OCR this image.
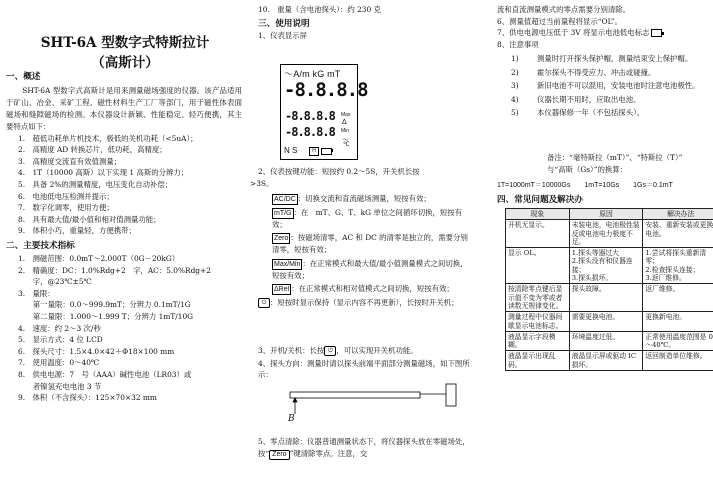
SHT-6A 型数字式特斯拉计

（高斯计）

一、概述

SHT-6A 型数字式高斯计是用来测量磁场强度的仪器。该产品适用于矿山、冶金、采矿工程、磁性材料生产工厂等部门，用于磁性体表面磁场和缝隙磁场的检测。本仪器设计新颖、性能稳定、轻巧便携，其主要特点如下：

1.　超低功耗单片机技术，极低的关机功耗（<5uA）；

2.　高精度 AD 转换芯片，低功耗，高精度；

3.　高精度交流直有效值测量；

4.　1T（10000 高斯）以下实现 1 高斯的分辨力；

5.　具备 2%的测量精度，电压变化自动补偿；

6.　电池低电压检测并提示；

7.　数字化调零，使用方便；

8.　具有最大值/最小值和相对值测量功能；

9.　体积小巧，重量轻，方便携带；

二、主要技术指标

1.　测磁范围：0.0mT～2.000T（0G－20kG）

2.　精确度：DC：1.0%Rdg+2　字，AC：5.0%Rdg+2

　　字，@23℃±5℃

3.　量限：

　　第一量限：0.0～999.9mT；分辨力 0.1mT/1G

　　第二量限：1.000～1.999 T；分辨力 1mT/10G

4.　速度：约 2～3 次/秒

5.　显示方式：4 位 LCD

6.　探头尺寸：1.5×4.0×42＋Φ18×100 mm

7.　使用温度：0～40℃

8.　供电电源：7　号（AAA）碱性电池（LR03）或

　　者镍氢充电电池 3 节

9.　体积（不含探头）：125×70×32 mm

10.　重量（含电池探头）：约 230 克

三、使用说明

1、仪表显示屏

～A/m kG mT
-8.8.8.8
-8.8.8.8 Max
Δ
-8.8.8.8 Min
～
℃
N S	H

2、仪表按键功能：短按约 0.2～5S，开关机长按

>3S。

AC/DC ：切换交流和直流磁场测量，短按有效；

mT/G ：在　mT、G、T、kG 单位之间循环切换，短按有效；

Zero ：按磁场清零，AC 和 DC 的清零是独立的，需要分别清零，短按有效；

Max/Min ：在正常模式和最大值/最小值测量模式之间切换，短按有效；

ΔRel ：在正常模式和相对值模式之间切换，短按有效；

⏻ ：短按时显示保持（显示内容不再更新），长按时开关机；

3、开机/关机：长按 ⏻ ，可以实现开关机功能。

4、探头方向：测量时请以探头前端平面部分测量磁场，如下图所示：

B

5、零点清除：仪器普通测量状态下，将仪器探头放在零磁场处，按“ Zero ”键清除零点。注意，交

流和直流测量模式的零点需要分别清除。

6、测量值超过当前量程将显示“OL”。

7、供电电源电压低于 3V 将显示电池低电标志

8、注意事项

1)	测量时打开探头保护帽，测量结束安上保护帽。
2)	霍尔探头不得受应力、冲击或碰撞。
3)	新旧电池不可以混用，安装电池时注意电池极性。
4)	仪器长期不用时，应取出电池。
5)	本仪器保修一年（不包括探头）。

备注：“毫特斯拉（mT）”、“特斯拉（T）”

与“高斯（Gs）”的换算：

1T=1000mT＝10000Gs　　1mT=10Gs　　1Gs＝0.1mT

四、常见问题及解决办

现象	原因	解决办法
开机无显示。	未装电池，电池极性装反或电池电力极度不足。	安装、重新安装或更换电池。
显示 OL。	1.探头等器过大
2.探头没有和仪器连接；
3.探头损坏。	1.尝试将探头重新清零；
2.检查探头连接；
3.返厂维修。
按清除零点键后显示值不变为零或者读数无规律变化。	探头故障。	返厂维修。
测量过程中仪器间歇显示电池标志。	需要更换电池。	更换新电池。
液晶显示字段模糊。	环境温度过低。	正常使用温度范围是 0～40℃。
液晶显示出现乱码。	液晶显示屏或驱动 IC 损坏。	返回制造单位维修。
